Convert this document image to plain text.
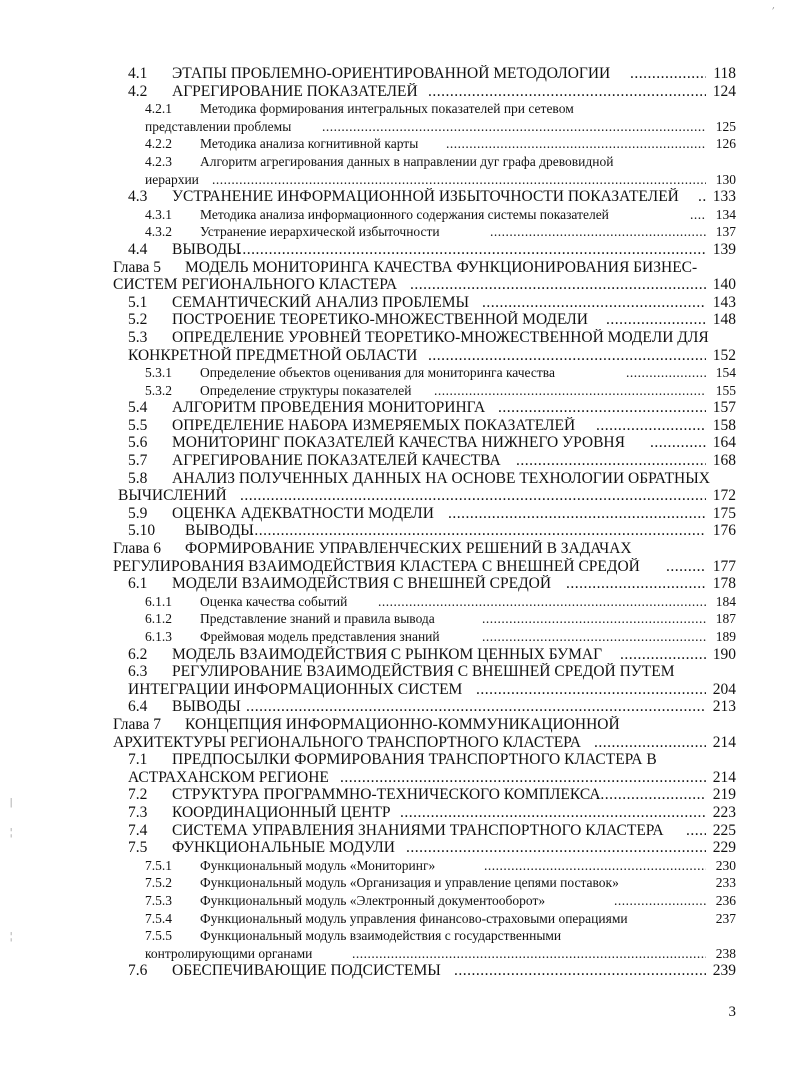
4.1 ЭТАПЫ ПРОБЛЕМНО-ОРИЕНТИРОВАННОЙ МЕТОДОЛОГИИ .....	118
4.2 АГРЕГИРОВАНИЕ ПОКАЗАТЕЛЕЙ .....	124
4.2.1 Методика формирования интегральных показателей при сетевом
представлении проблемы .....	125
4.2.2 Методика анализа когнитивной карты .....	126
4.2.3 Алгоритм агрегирования данных в направлении дуг графа древовидной
иерархии .....	130
4.3 УСТРАНЕНИЕ ИНФОРМАЦИОННОЙ ИЗБЫТОЧНОСТИ ПОКАЗАТЕЛЕЙ ..... 133
4.3.1 Методика анализа информационного содержания системы показателей .....	134
4.3.2 Устранение иерархической избыточности .....	137
4.4 ВЫВОДЫ .....	139
Глава 5 МОДЕЛЬ МОНИТОРИНГА КАЧЕСТВА ФУНКЦИОНИРОВАНИЯ БИЗНЕС-
СИСТЕМ РЕГИОНАЛЬНОГО КЛАСТЕРА .....	140
5.1 СЕМАНТИЧЕСКИЙ АНАЛИЗ ПРОБЛЕМЫ .....	143
5.2 ПОСТРОЕНИЕ ТЕОРЕТИКО-МНОЖЕСТВЕННОЙ МОДЕЛИ .....	148
5.3 ОПРЕДЕЛЕНИЕ УРОВНЕЙ ТЕОРЕТИКО-МНОЖЕСТВЕННОЙ МОДЕЛИ ДЛЯ
КОНКРЕТНОЙ ПРЕДМЕТНОЙ ОБЛАСТИ .....	152
5.3.1 Определение объектов оценивания для мониторинга качества .....	154
5.3.2 Определение структуры показателей .....	155
5.4 АЛГОРИТМ ПРОВЕДЕНИЯ МОНИТОРИНГА .....	157
5.5 ОПРЕДЕЛЕНИЕ НАБОРА ИЗМЕРЯЕМЫХ ПОКАЗАТЕЛЕЙ .....	158
5.6 МОНИТОРИНГ ПОКАЗАТЕЛЕЙ КАЧЕСТВА НИЖНЕГО УРОВНЯ .....	164
5.7 АГРЕГИРОВАНИЕ ПОКАЗАТЕЛЕЙ КАЧЕСТВА .....	168
5.8 АНАЛИЗ ПОЛУЧЕННЫХ ДАННЫХ НА ОСНОВЕ ТЕХНОЛОГИИ ОБРАТНЫХ
ВЫЧИСЛЕНИЙ .....	172
5.9 ОЦЕНКА АДЕКВАТНОСТИ МОДЕЛИ .....	175
5.10 ВЫВОДЫ .....	176
Глава 6 ФОРМИРОВАНИЕ УПРАВЛЕНЧЕСКИХ РЕШЕНИЙ В ЗАДАЧАХ
РЕГУЛИРОВАНИЯ ВЗАИМОДЕЙСТВИЯ КЛАСТЕРА С ВНЕШНЕЙ СРЕДОЙ .....	177
6.1 МОДЕЛИ ВЗАИМОДЕЙСТВИЯ С ВНЕШНЕЙ СРЕДОЙ .....	178
6.1.1 Оценка качества событий .....	184
6.1.2 Представление знаний и правила вывода .....	187
6.1.3 Фреймовая модель представления знаний .....	189
6.2 МОДЕЛЬ ВЗАИМОДЕЙСТВИЯ С РЫНКОМ ЦЕННЫХ БУМАГ .....	190
6.3 РЕГУЛИРОВАНИЕ ВЗАИМОДЕЙСТВИЯ С ВНЕШНЕЙ СРЕДОЙ ПУТЕМ
ИНТЕГРАЦИИ ИНФОРМАЦИОННЫХ СИСТЕМ .....	204
6.4 ВЫВОДЫ .....	213
Глава 7 КОНЦЕПЦИЯ ИНФОРМАЦИОННО-КОММУНИКАЦИОННОЙ
АРХИТЕКТУРЫ РЕГИОНАЛЬНОГО ТРАНСПОРТНОГО КЛАСТЕРА .....	214
7.1 ПРЕДПОСЫЛКИ ФОРМИРОВАНИЯ ТРАНСПОРТНОГО КЛАСТЕРА В
АСТРАХАНСКОМ РЕГИОНЕ .....	214
7.2 СТРУКТУРА ПРОГРАММНО-ТЕХНИЧЕСКОГО КОМПЛЕКСА .....	219
7.3 КООРДИНАЦИОННЫЙ ЦЕНТР .....	223
7.4 СИСТЕМА УПРАВЛЕНИЯ ЗНАНИЯМИ ТРАНСПОРТНОГО КЛАСТЕРА .....	225
7.5 ФУНКЦИОНАЛЬНЫЕ МОДУЛИ .....	229
7.5.1 Функциональный модуль «Мониторинг» .....	230
7.5.2 Функциональный модуль «Организация и управление цепями поставок»	233
7.5.3 Функциональный модуль «Электронный документооборот» .....	236
7.5.4 Функциональный модуль управления финансово-страховыми операциями	237
7.5.5 Функциональный модуль взаимодействия с государственными
контролирующими органами .....	238
7.6 ОБЕСПЕЧИВАЮЩИЕ ПОДСИСТЕМЫ .....	239
3
׳
|
¦
¦
